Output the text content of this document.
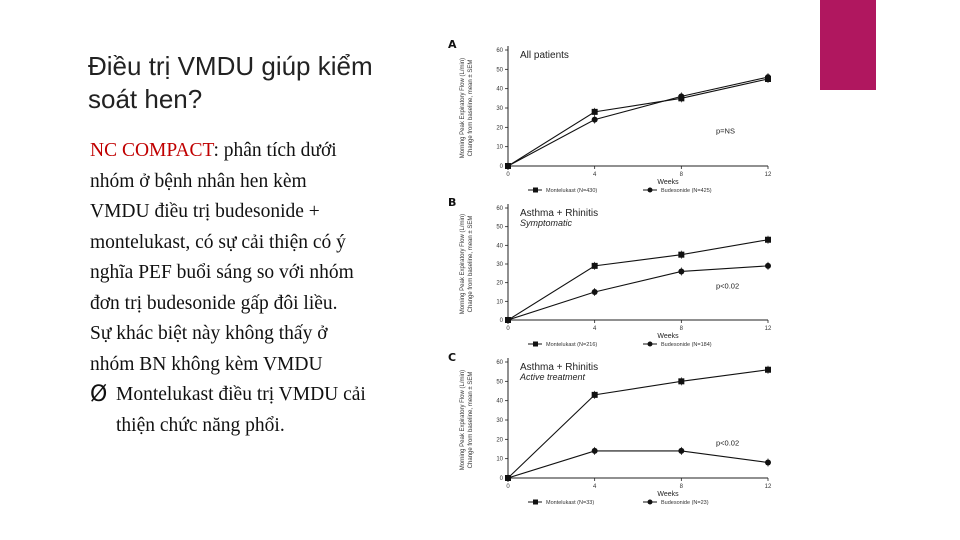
Điều trị VMDU giúp kiểm
soát hen?

NC COMPACT: phân tích dưới

nhóm ở bệnh nhân hen kèm

VMDU điều trị budesonide +

montelukast, có sự cải thiện có ý

nghĩa PEF buổi sáng so với nhóm

đơn trị budesonide gấp đôi liều.

Sự khác biệt này không thấy ở

nhóm BN không kèm VMDU

Ø Montelukast điều trị VMDU cải
thiện chức năng phổi.
A
Morning Peak Expiratory Flow (L/min) Change from baseline, mean ± SEM
0
10
20
30
40
50
60
0	4	8	12
Weeks
All patients
p=NS
Montelukast (N=430)	Budesonide (N=425)
B
Morning Peak Expiratory Flow (L/min) Change from baseline, mean ± SEM
0
10
20
30
40
50
60
0	4	8	12
Weeks
Asthma + Rhinitis
Symptomatic
p<0.02
Montelukast (N=216)	Budesonide (N=184)
C
Morning Peak Expiratory Flow (L/min) Change from baseline, mean ± SEM
0
10
20
30
40
50
60
0	4	8	12
Weeks
Asthma + Rhinitis
Active treatment
p<0.02
Montelukast (N=33)	Budesonide (N=23)
